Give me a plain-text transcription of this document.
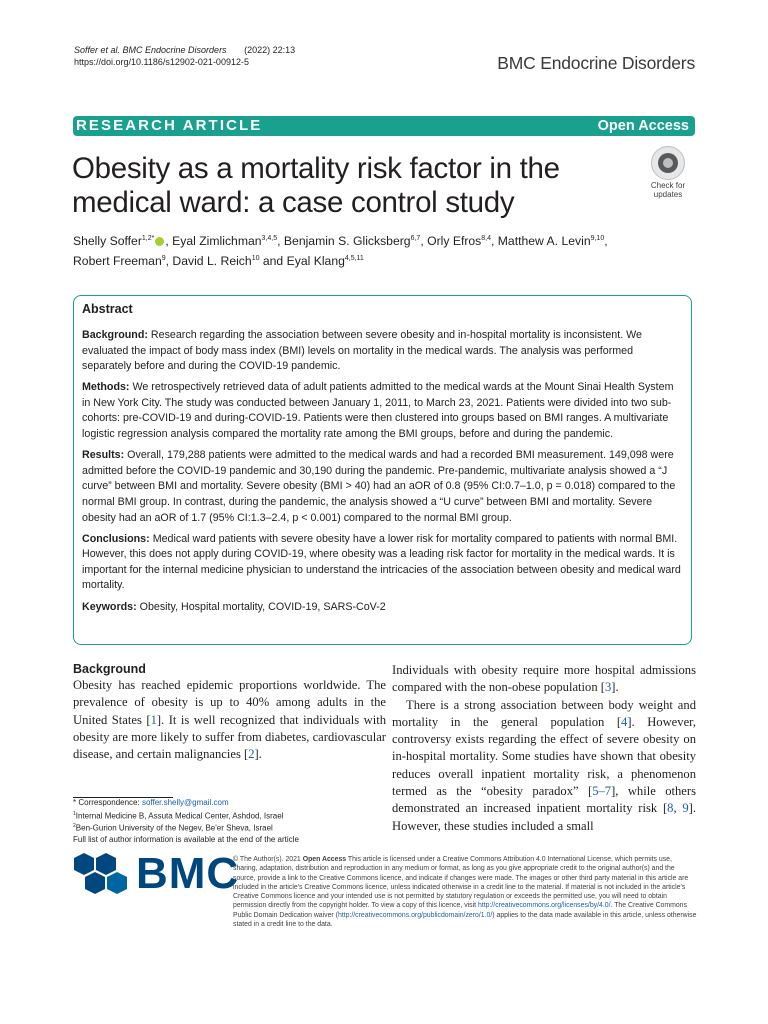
Soffer et al. BMC Endocrine Disorders (2022) 22:13
https://doi.org/10.1186/s12902-021-00912-5	BMC Endocrine Disorders
RESEARCH ARTICLE	Open Access
Obesity as a mortality risk factor in the medical ward: a case control study
Check for
updates
Shelly Soffer$^{1,2*}$ , Eyal Zimlichman$^{3,4,5}$, Benjamin S. Glicksberg$^{6,7}$, Orly Efros$^{8,4}$, Matthew A. Levin$^{9,10}$,
Robert Freeman$^9$, David L. Reich$^{10}$ and Eyal Klang$^{4,5,11}$
Abstract

Background: Research regarding the association between severe obesity and in-hospital mortality is inconsistent. We evaluated the impact of body mass index (BMI) levels on mortality in the medical wards. The analysis was performed separately before and during the COVID-19 pandemic.

Methods: We retrospectively retrieved data of adult patients admitted to the medical wards at the Mount Sinai Health System in New York City. The study was conducted between January 1, 2011, to March 23, 2021. Patients were divided into two sub-cohorts: pre-COVID-19 and during-COVID-19. Patients were then clustered into groups based on BMI ranges. A multivariate logistic regression analysis compared the mortality rate among the BMI groups, before and during the pandemic.

Results: Overall, 179,288 patients were admitted to the medical wards and had a recorded BMI measurement. 149,098 were admitted before the COVID-19 pandemic and 30,190 during the pandemic. Pre-pandemic, multivariate analysis showed a “J curve” between BMI and mortality. Severe obesity (BMI > 40) had an aOR of 0.8 (95% CI:0.7–1.0, p = 0.018) compared to the normal BMI group. In contrast, during the pandemic, the analysis showed a “U curve” between BMI and mortality. Severe obesity had an aOR of 1.7 (95% CI:1.3–2.4, p < 0.001) compared to the normal BMI group.

Conclusions: Medical ward patients with severe obesity have a lower risk for mortality compared to patients with normal BMI. However, this does not apply during COVID-19, where obesity was a leading risk factor for mortality in the medical wards. It is important for the internal medicine physician to understand the intricacies of the association between obesity and medical ward mortality.

Keywords: Obesity, Hospital mortality, COVID-19, SARS-CoV-2

Background

Obesity has reached epidemic proportions worldwide. The prevalence of obesity is up to 40% among adults in the United States [1]. It is well recognized that individuals with obesity are more likely to suffer from diabetes, cardiovascular disease, and certain malignancies [2].

Individuals with obesity require more hospital admissions compared with the non-obese population [3].

There is a strong association between body weight and mortality in the general population [4]. However, controversy exists regarding the effect of severe obesity on in-hospital mortality. Some studies have shown that obesity reduces overall inpatient mortality risk, a phenomenon termed as the “obesity paradox” [5–7], while others demonstrated an increased inpatient mortality risk [8, 9]. However, these studies included a small

* Correspondence: soffer.shelly@gmail.com
$^1$Internal Medicine B, Assuta Medical Center, Ashdod, Israel
$^2$Ben-Gurion University of the Negev, Be'er Sheva, Israel
Full list of author information is available at the end of the article
BMC
© The Author(s). 2021 Open Access This article is licensed under a Creative Commons Attribution 4.0 International License, which permits use, sharing, adaptation, distribution and reproduction in any medium or format, as long as you give appropriate credit to the original author(s) and the source, provide a link to the Creative Commons licence, and indicate if changes were made. The images or other third party material in this article are included in the article's Creative Commons licence, unless indicated otherwise in a credit line to the material. If material is not included in the article's Creative Commons licence and your intended use is not permitted by statutory regulation or exceeds the permitted use, you will need to obtain permission directly from the copyright holder. To view a copy of this licence, visit http://creativecommons.org/licenses/by/4.0/. The Creative Commons Public Domain Dedication waiver (http://creativecommons.org/publicdomain/zero/1.0/) applies to the data made available in this article, unless otherwise stated in a credit line to the data.
